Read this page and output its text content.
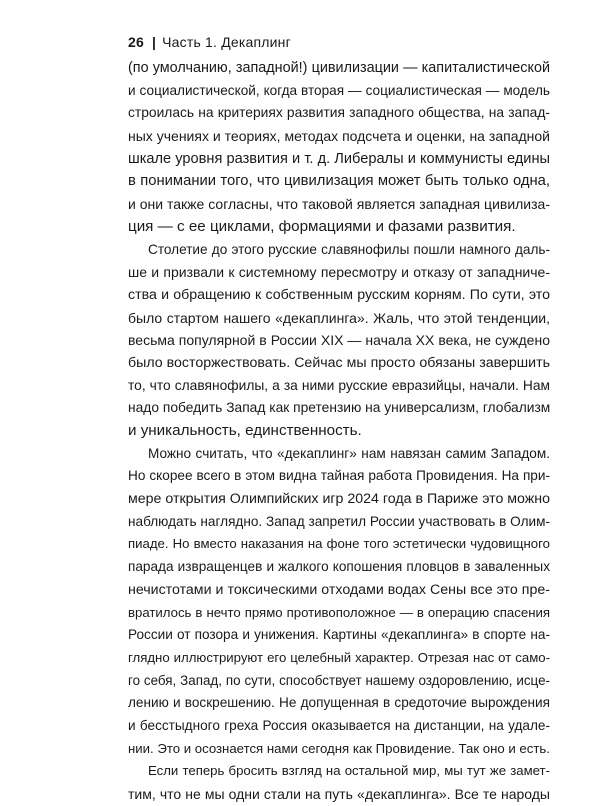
26 | Часть 1. Декаплинг
(по умолчанию, западной!) цивилизации — капиталистической
и социалистической, когда вторая — социалистическая — модель
строилась на критериях развития западного общества, на запад-
ных учениях и теориях, методах подсчета и оценки, на западной
шкале уровня развития и т. д. Либералы и коммунисты едины
в понимании того, что цивилизация может быть только одна,
и они также согласны, что таковой является западная цивилиза-
ция — с ее циклами, формациями и фазами развития.
Столетие до этого русские славянофилы пошли намного даль-
ше и призвали к системному пересмотру и отказу от западниче-
ства и обращению к собственным русским корням. По сути, это
было стартом нашего «декаплинга». Жаль, что этой тенденции,
весьма популярной в России XIX — начала XX века, не суждено
было восторжествовать. Сейчас мы просто обязаны завершить
то, что славянофилы, а за ними русские евразийцы, начали. Нам
надо победить Запад как претензию на универсализм, глобализм
и уникальность, единственность.
Можно считать, что «декаплинг» нам навязан самим Западом.
Но скорее всего в этом видна тайная работа Провидения. На при-
мере открытия Олимпийских игр 2024 года в Париже это можно
наблюдать наглядно. Запад запретил России участвовать в Олим-
пиаде. Но вместо наказания на фоне того эстетически чудовищного
парада извращенцев и жалкого копошения пловцов в заваленных
нечистотами и токсическими отходами водах Сены все это пре-
вратилось в нечто прямо противоположное — в операцию спасения
России от позора и унижения. Картины «декаплинга» в спорте на-
глядно иллюстрируют его целебный характер. Отрезая нас от само-
го себя, Запад, по сути, способствует нашему оздоровлению, исце-
лению и воскрешению. Не допущенная в средоточие вырождения
и бесстыдного греха Россия оказывается на дистанции, на удале-
нии. Это и осознается нами сегодня как Провидение. Так оно и есть.
Если теперь бросить взгляд на остальной мир, мы тут же замет-
тим, что не мы одни стали на путь «декаплинга». Все те народы
